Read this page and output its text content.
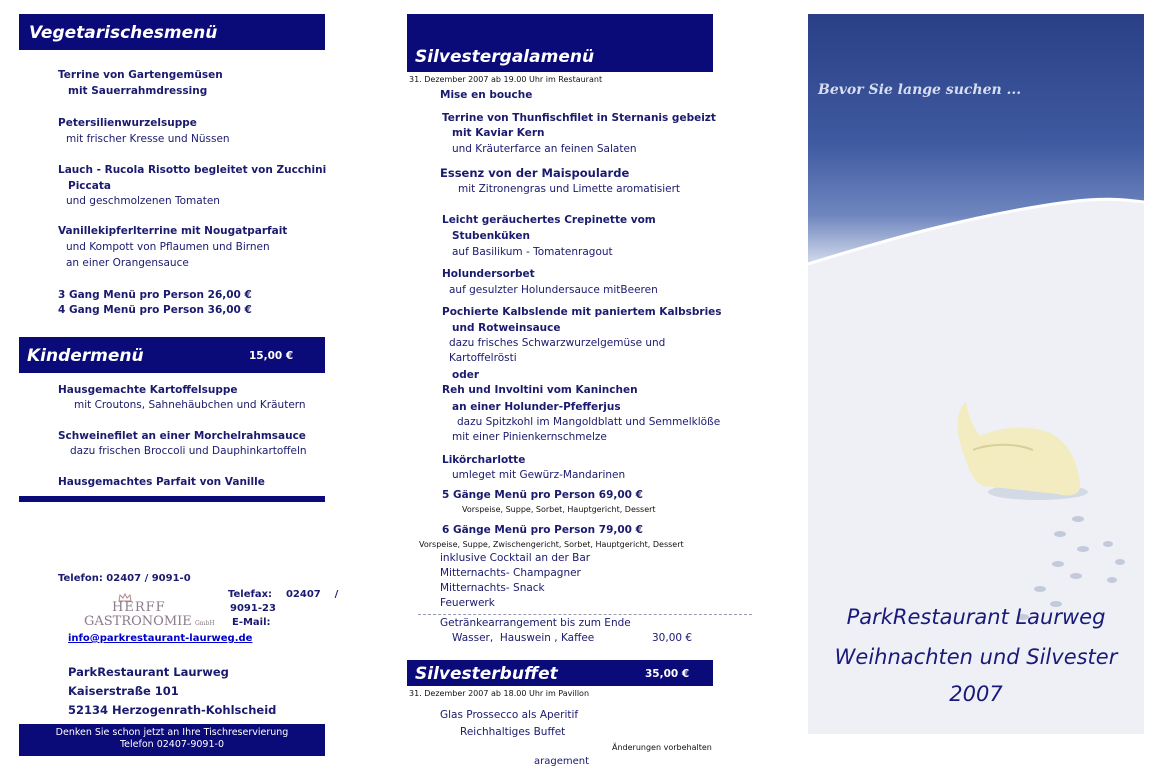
Vegetarischesmenü
Terrine von Gartengemüsen
mit Sauerrahmdressing
Petersilienwurzelsuppe
mit frischer Kresse und Nüssen
Lauch - Rucola Risotto begleitet von Zucchini
Piccata
und geschmolzenen Tomaten
Vanillekipferlterrine mit Nougatparfait
und Kompott von Pflaumen und Birnen
an einer Orangensauce
3 Gang Menü pro Person 26,00 €
4 Gang Menü pro Person 36,00 €
Kindermenü	15,00 €
Hausgemachte Kartoffelsuppe
mit Croutons, Sahnehäubchen und Kräutern
Schweinefilet an einer Morchelrahmsauce
dazu frischen Broccoli und Dauphinkartoffeln
Hausgemachtes Parfait von Vanille
Telefon: 02407 / 9091-0
Telefax:    02407    /
9091-23
E-Mail:
HERFF
GASTRONOMIE GmbH
info@parkrestaurant-laurweg.de
ParkRestaurant Laurweg
Kaiserstraße 101
52134 Herzogenrath-Kohlscheid
Denken Sie schon jetzt an Ihre Tischreservierung
Telefon 02407-9091-0
Silvestergalamenü
31. Dezember 2007 ab 19.00 Uhr im Restaurant
Mise en bouche
Terrine von Thunfischfilet in Sternanis gebeizt
mit Kaviar Kern
und Kräuterfarce an feinen Salaten
Essenz von der Maispoularde
mit Zitronengras und Limette aromatisiert
Leicht geräuchertes Crepinette vom
Stubenküken
auf Basilikum - Tomatenragout
Holundersorbet
auf gesulzter Holundersauce mitBeeren
Pochierte Kalbslende mit paniertem Kalbsbries
und Rotweinsauce
dazu frisches Schwarzwurzelgemüse und
Kartoffelrösti
oder
Reh und Involtini vom Kaninchen
an einer Holunder-Pfefferjus
dazu Spitzkohl im Mangoldblatt und Semmelklöße
mit einer Pinienkernschmelze
Likörcharlotte
umleget mit Gewürz-Mandarinen
5 Gänge Menü pro Person 69,00 €
Vorspeise, Suppe, Sorbet, Hauptgericht, Dessert
6 Gänge Menü pro Person 79,00 €
Vorspeise, Suppe, Zwischengericht, Sorbet, Hauptgericht, Dessert
inklusive Cocktail an der Bar
Mitternachts- Champagner
Mitternachts- Snack
Feuerwerk
Getränkearrangement bis zum Ende
Wasser,  Hauswein , Kaffee	30,00 €
Silvesterbuffet	35,00 €
31. Dezember 2007 ab 18.00 Uhr im Pavillon
Glas Prossecco als Aperitif
Reichhaltiges Buffet
Änderungen vorbehalten
aragement
Bevor Sie lange suchen ...
ParkRestaurant Laurweg
Weihnachten und Silvester
2007
